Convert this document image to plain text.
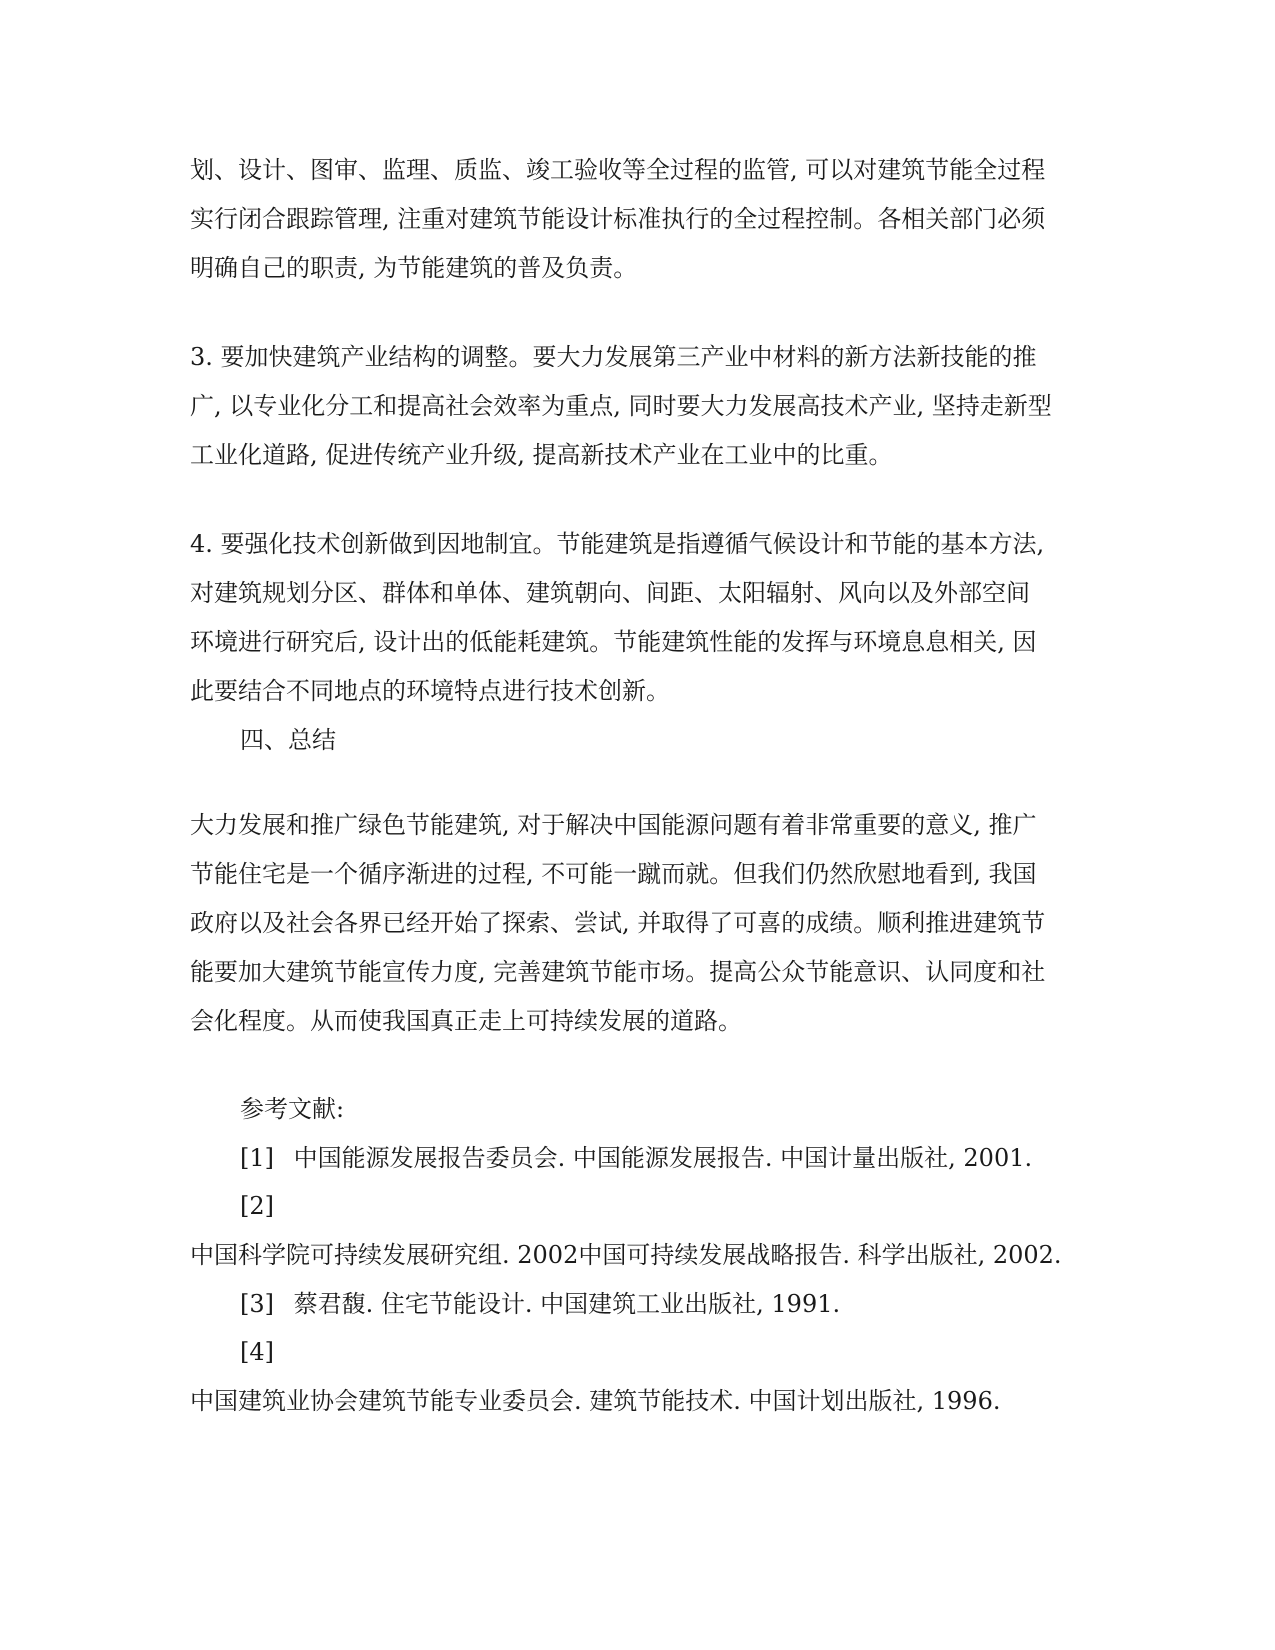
划、设计、图审、监理、质监、竣工验收等全过程的监管, 可以对建筑节能全过程
实行闭合跟踪管理, 注重对建筑节能设计标准执行的全过程控制。各相关部门必须
明确自己的职责, 为节能建筑的普及负责。
3. 要加快建筑产业结构的调整。要大力发展第三产业中材料的新方法新技能的推
广, 以专业化分工和提高社会效率为重点, 同时要大力发展高技术产业, 坚持走新型
工业化道路, 促进传统产业升级, 提高新技术产业在工业中的比重。
4. 要强化技术创新做到因地制宜。节能建筑是指遵循气候设计和节能的基本方法,
对建筑规划分区、群体和单体、建筑朝向、间距、太阳辐射、风向以及外部空间
环境进行研究后, 设计出的低能耗建筑。节能建筑性能的发挥与环境息息相关, 因
此要结合不同地点的环境特点进行技术创新。
四、总结
大力发展和推广绿色节能建筑, 对于解决中国能源问题有着非常重要的意义, 推广
节能住宅是一个循序渐进的过程, 不可能一蹴而就。但我们仍然欣慰地看到, 我国
政府以及社会各界已经开始了探索、尝试, 并取得了可喜的成绩。顺利推进建筑节
能要加大建筑节能宣传力度, 完善建筑节能市场。提高公众节能意识、认同度和社
会化程度。从而使我国真正走上可持续发展的道路。
参考文献:
[1] 中国能源发展报告委员会. 中国能源发展报告. 中国计量出版社, 2001.
[2]
中国科学院可持续发展研究组. 2002中国可持续发展战略报告. 科学出版社, 2002.
[3] 蔡君馥. 住宅节能设计. 中国建筑工业出版社, 1991.
[4]
中国建筑业协会建筑节能专业委员会. 建筑节能技术. 中国计划出版社, 1996.
